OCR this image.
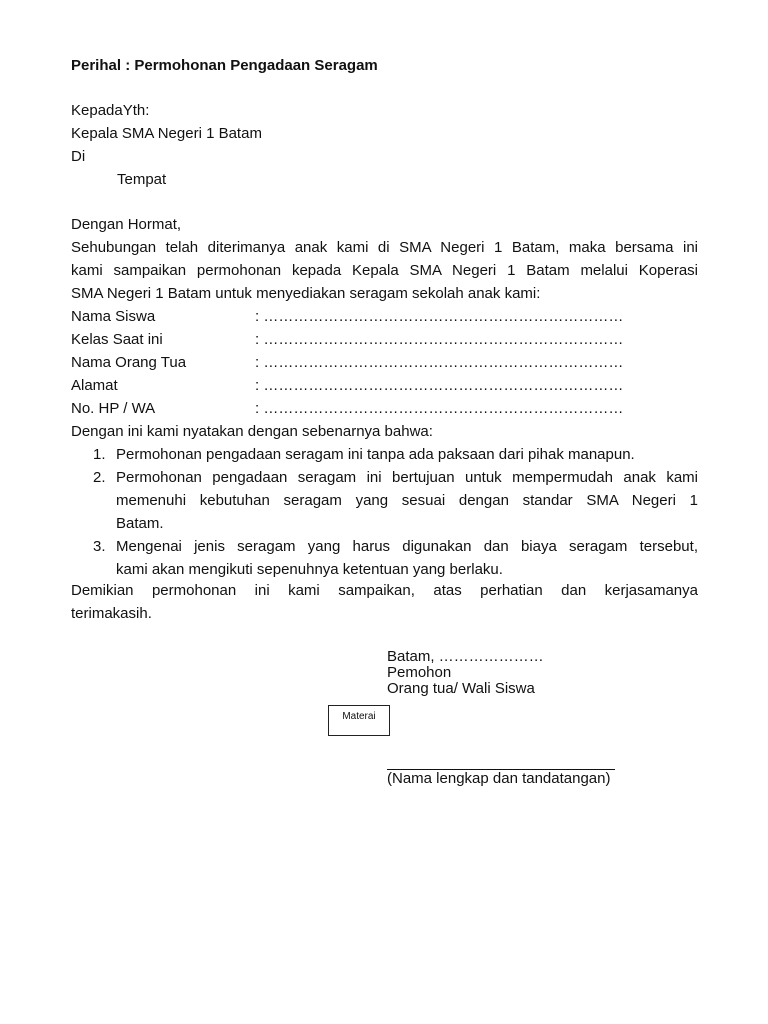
Perihal : Permohonan Pengadaan Seragam
KepadaYth:
Kepala SMA Negeri 1 Batam
Di
Tempat
Dengan Hormat,
Sehubungan telah diterimanya anak kami di SMA Negeri 1 Batam, maka bersama ini
kami sampaikan permohonan kepada Kepala SMA Negeri 1 Batam melalui Koperasi
SMA Negeri 1 Batam untuk menyediakan seragam sekolah anak kami:
Nama Siswa	: ………………………………………………………………
Kelas Saat ini	: ………………………………………………………………
Nama Orang Tua	: ………………………………………………………………
Alamat	: ………………………………………………………………
No. HP / WA	: ………………………………………………………………
Dengan ini kami nyatakan dengan sebenarnya bahwa:
1. Permohonan pengadaan seragam ini tanpa ada paksaan dari pihak manapun.
2. Permohonan pengadaan seragam ini bertujuan untuk mempermudah anak kami
memenuhi kebutuhan seragam yang sesuai dengan standar SMA Negeri 1
Batam.
3. Mengenai jenis seragam yang harus digunakan dan biaya seragam tersebut,
kami akan mengikuti sepenuhnya ketentuan yang berlaku.
Demikian permohonan ini kami sampaikan, atas perhatian dan kerjasamanya
terimakasih.
Batam, …………………
Pemohon
Orang tua/ Wali Siswa
Materai
(Nama lengkap dan tandatangan)
